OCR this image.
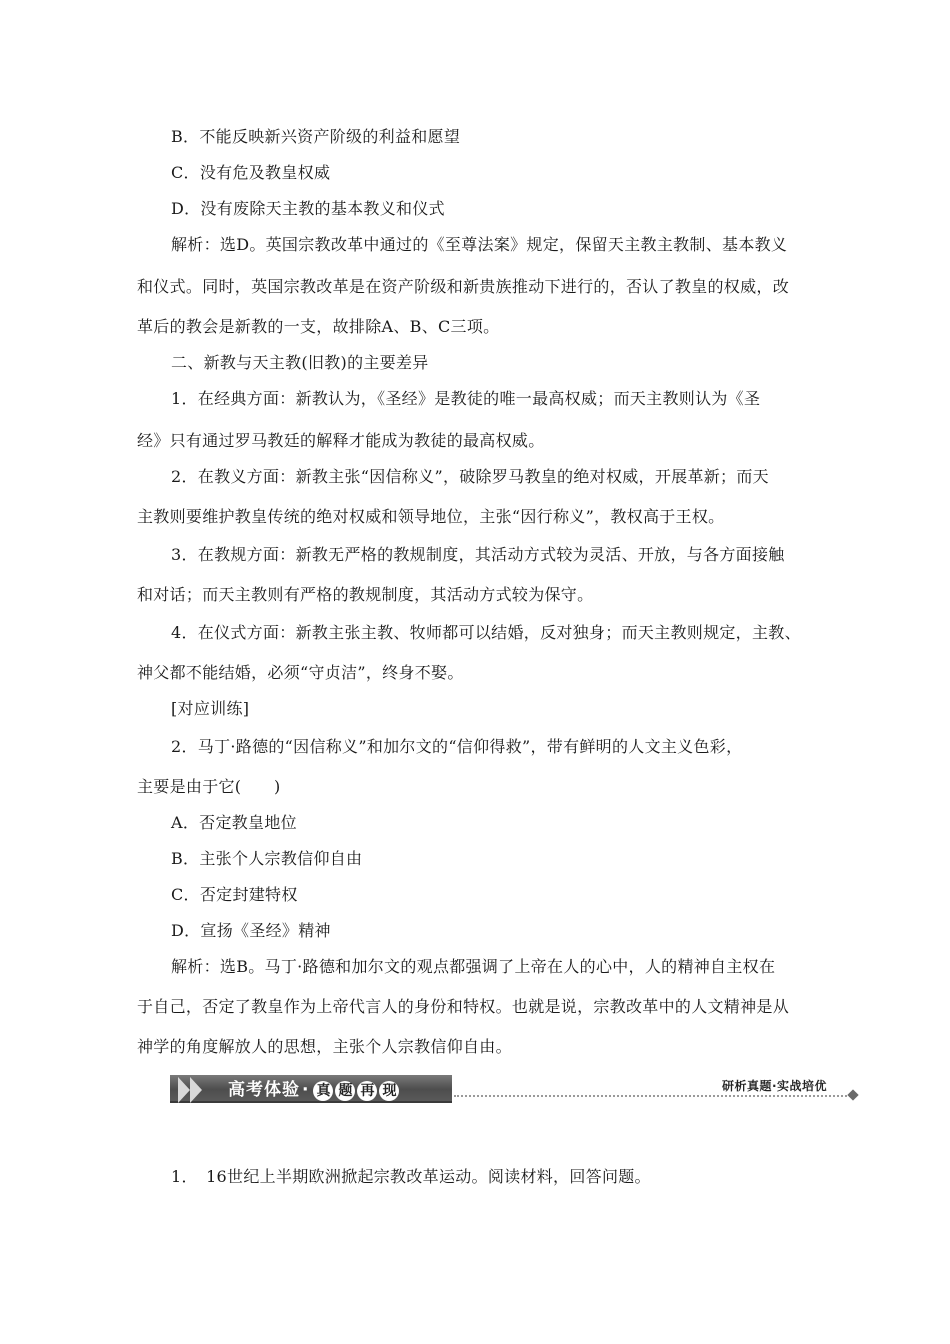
B．不能反映新兴资产阶级的利益和愿望
C．没有危及教皇权威
D．没有废除天主教的基本教义和仪式
解析：选D。英国宗教改革中通过的《至尊法案》规定，保留天主教主教制、基本教义
和仪式。同时，英国宗教改革是在资产阶级和新贵族推动下进行的，否认了教皇的权威，改
革后的教会是新教的一支，故排除A、B、C三项。
二、新教与天主教(旧教)的主要差异
1．在经典方面：新教认为，《圣经》是教徒的唯一最高权威；而天主教则认为《圣
经》只有通过罗马教廷的解释才能成为教徒的最高权威。
2．在教义方面：新教主张“因信称义”，破除罗马教皇的绝对权威，开展革新；而天
主教则要维护教皇传统的绝对权威和领导地位，主张“因行称义”，教权高于王权。
3．在教规方面：新教无严格的教规制度，其活动方式较为灵活、开放，与各方面接触
和对话；而天主教则有严格的教规制度，其活动方式较为保守。
4．在仪式方面：新教主张主教、牧师都可以结婚，反对独身；而天主教则规定，主教、
神父都不能结婚，必须“守贞洁”，终身不娶。
[对应训练]
2．马丁·路德的“因信称义”和加尔文的“信仰得救”，带有鲜明的人文主义色彩，
主要是由于它(　　)
A．否定教皇地位
B．主张个人宗教信仰自由
C．否定封建特权
D．宣扬《圣经》精神
解析：选B。马丁·路德和加尔文的观点都强调了上帝在人的心中，人的精神自主权在
于自己，否定了教皇作为上帝代言人的身份和特权。也就是说，宗教改革中的人文精神是从
神学的角度解放人的思想，主张个人宗教信仰自由。
高考体验 · 真 题 再 现	研析真题·实战培优
1．　16世纪上半期欧洲掀起宗教改革运动。阅读材料，回答问题。
